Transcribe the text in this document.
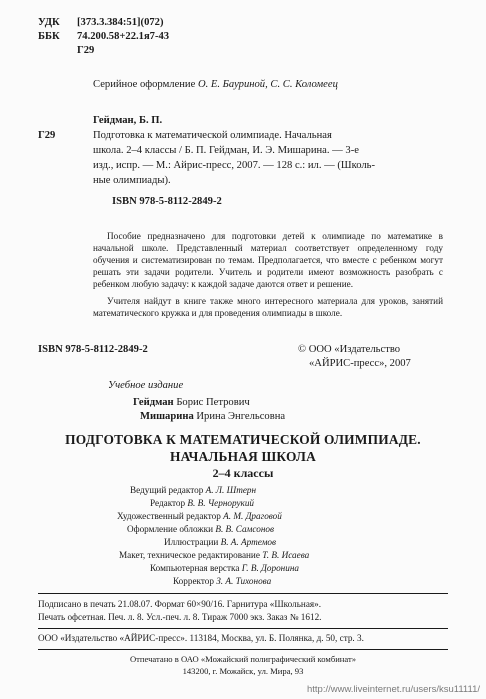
УДК [373.3.384:51](072)
ББК 74.200.58+22.1я7-43
Г29
Серийное оформление О. Е. Бауриной, С. С. Коломеец
Гейдман, Б. П.
Г29	Подготовка к математической олимпиаде. Начальная
школа. 2–4 классы / Б. П. Гейдман, И. Э. Мишарина. — 3-е
изд., испр. — М.: Айрис-пресс, 2007. — 128 с.: ил. — (Школь-
ные олимпиады).
ISBN 978-5-8112-2849-2
Пособие предназначено для подготовки детей к олимпиаде по математике в начальной школе. Представленный материал соответствует определенному году обучения и систематизирован по темам. Предполагается, что вместе с ребенком могут решать эти задачи родители. Учитель и родители имеют возможность разобрать с ребенком любую задачу: к каждой задаче даются ответ и решение.
Учителя найдут в книге также много интересного материала для уроков, занятий математического кружка и для проведения олимпиады в школе.
ISBN 978-5-8112-2849-2	© ООО «Издательство
«АЙРИС-пресс», 2007
Учебное издание
Гейдман Борис Петрович
Мишарина Ирина Энгельсовна
ПОДГОТОВКА К МАТЕМАТИЧЕСКОЙ ОЛИМПИАДЕ.
НАЧАЛЬНАЯ ШКОЛА
2–4 классы
Ведущий редактор А. Л. Штерн
Редактор В. В. Чернорукий
Художественный редактор А. М. Драговой
Оформление обложки В. В. Самсонов
Иллюстрации В. А. Артемов
Макет, техническое редактирование Т. В. Исаева
Компьютерная верстка Г. В. Доронина
Корректор З. А. Тихонова
Подписано в печать 21.08.07. Формат 60×90/16. Гарнитура «Школьная».
Печать офсетная. Печ. л. 8. Усл.-печ. л. 8. Тираж 7000 экз. Заказ № 1612.
ООО «Издательство «АЙРИС-пресс». 113184, Москва, ул. Б. Полянка, д. 50, стр. 3.
Отпечатано в ОАО «Можайский полиграфический комбинат»
143200, г. Можайск, ул. Мира, 93
http://www.liveinternet.ru/users/ksu11111/
